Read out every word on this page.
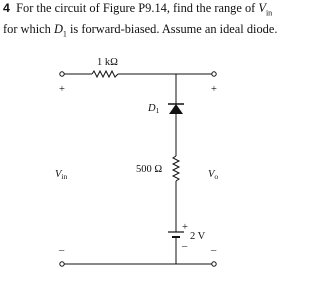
4 For the circuit of Figure P9.14, find the range of $V_{in}$
for which $D_1$ is forward-biased. Assume an ideal diode.

1 kΩ
D1
500 Ω
+
2 V
–
+
Vin
–
+
Vo
–
